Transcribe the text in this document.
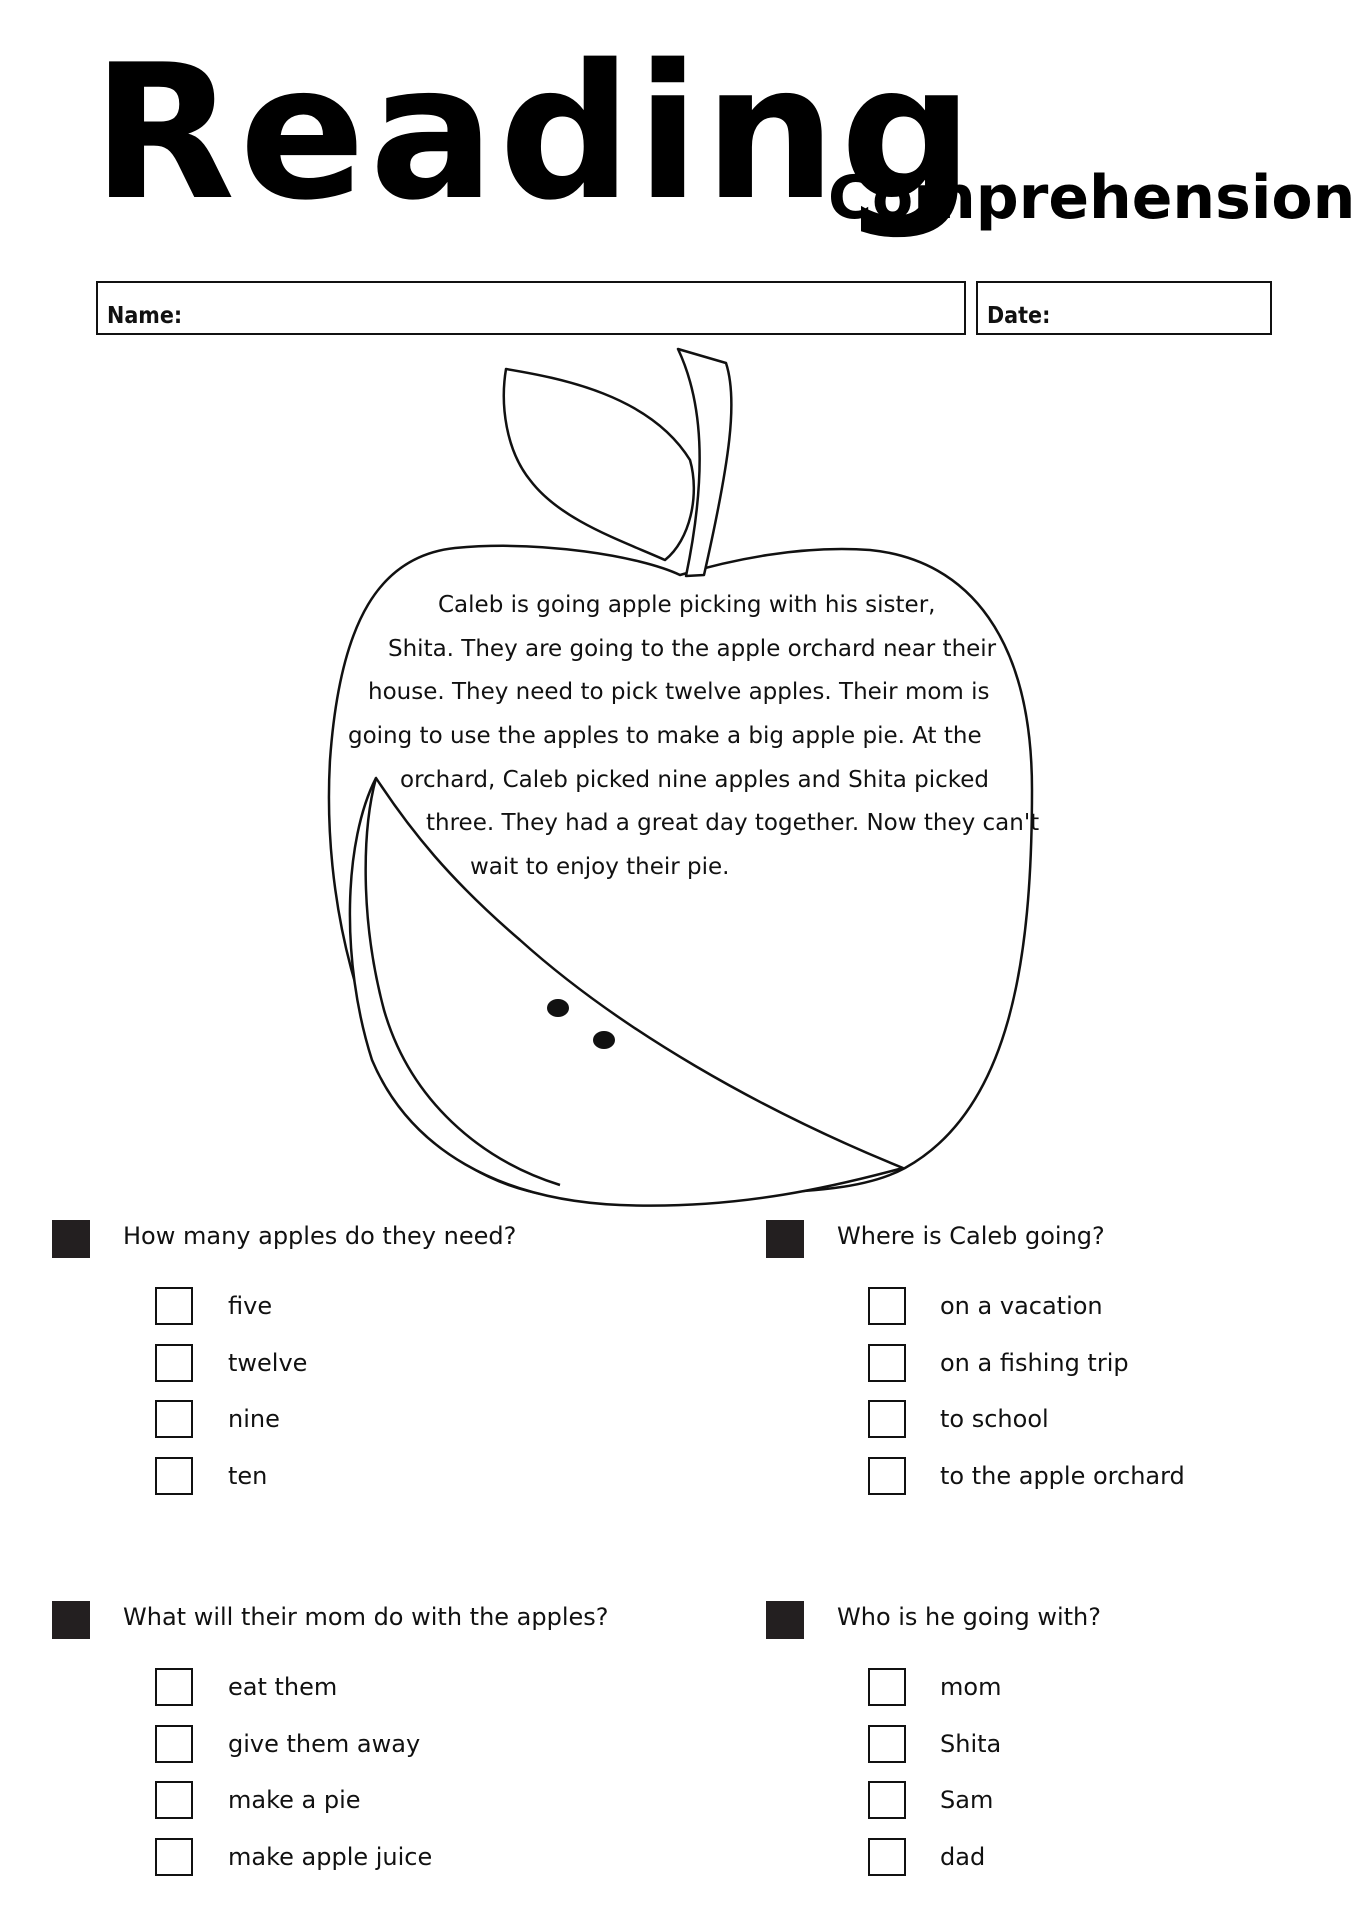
Reading
Comprehension
Name:	Date:
Caleb is going apple picking with his sister,
Shita. They are going to the apple orchard near their
house. They need to pick twelve apples. Their mom is
going to use the apples to make a big apple pie. At the
orchard, Caleb picked nine apples and Shita picked
three. They had a great day together. Now they can't
wait to enjoy their pie.
How many apples do they need?
five
twelve
nine
ten
Where is Caleb going?
on a vacation
on a fishing trip
to school
to the apple orchard
What will their mom do with the apples?
eat them
give them away
make a pie
make apple juice
Who is he going with?
mom
Shita
Sam
dad
